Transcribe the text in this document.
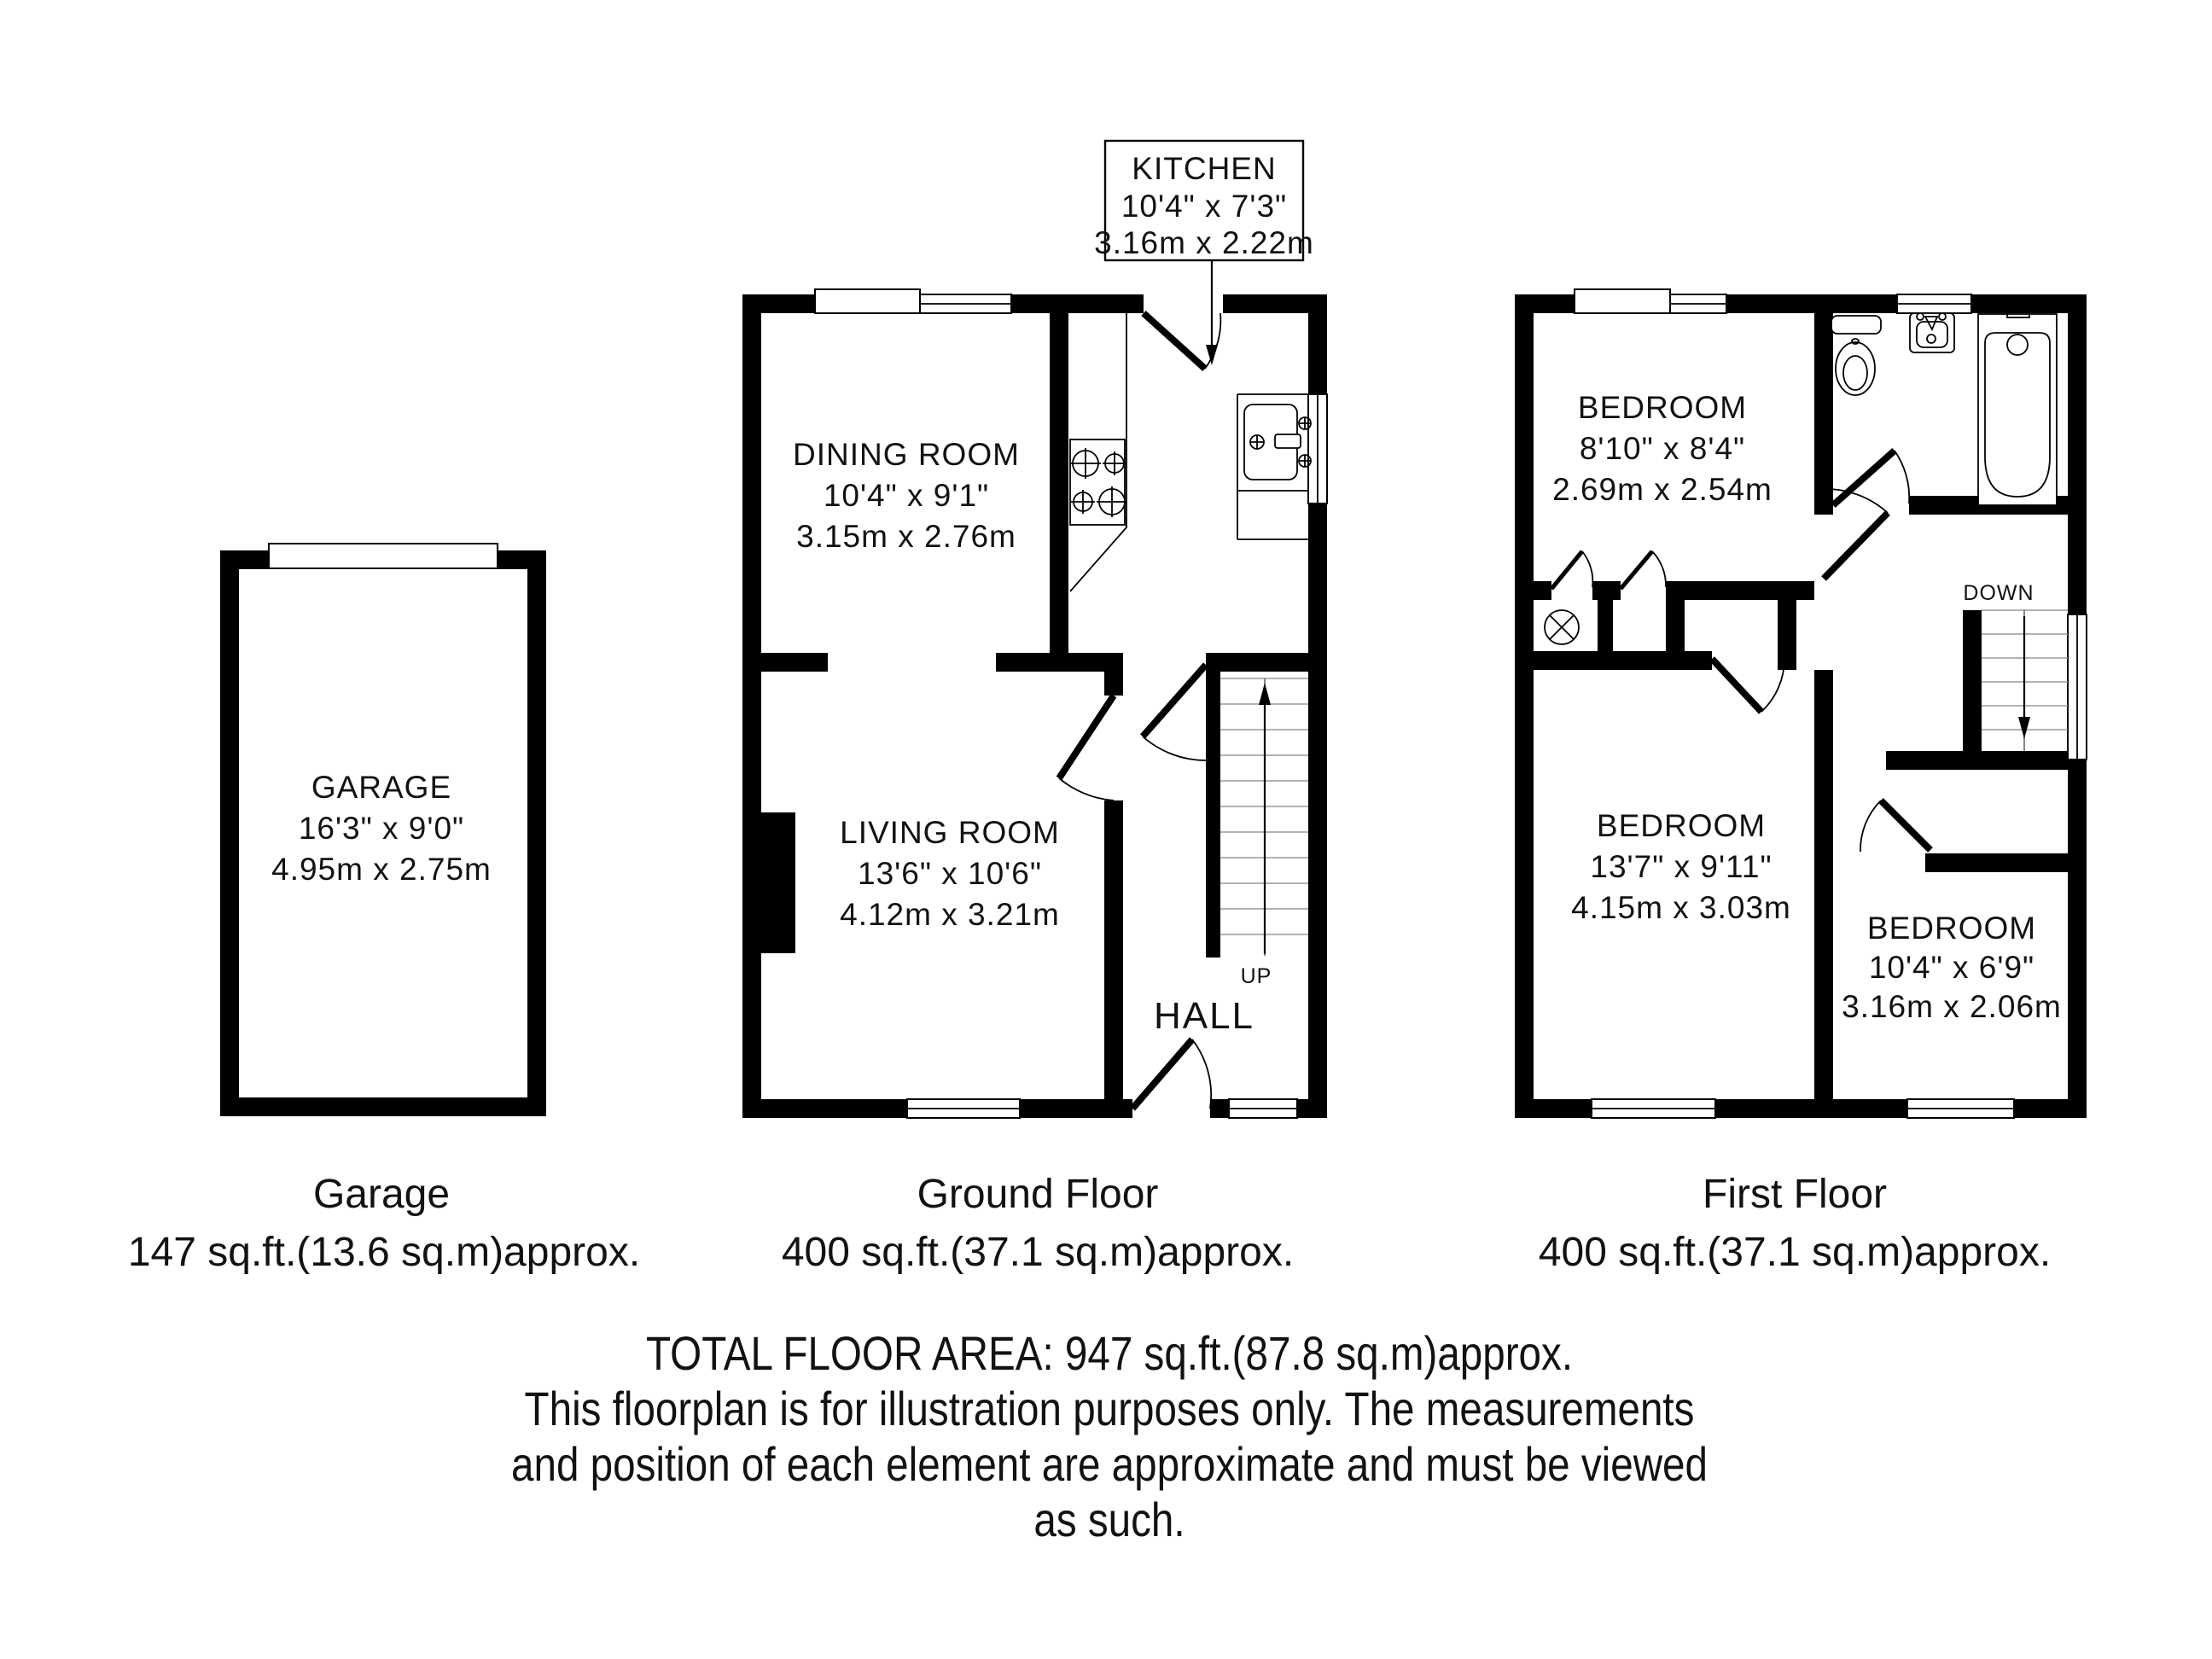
GARAGE
16'3" x 9'0"
4.95m x 2.75m
KITCHEN
10'4" x 7'3"
3.16m x 2.22m
DINING ROOM
10'4" x 9'1"
3.15m x 2.76m
LIVING ROOM
13'6" x 10'6"
4.12m x 3.21m
HALL
UP
BEDROOM
8'10" x 8'4"
2.69m x 2.54m
BEDROOM
13'7" x 9'11"
4.15m x 3.03m
BEDROOM
10'4" x 6'9"
3.16m x 2.06m
DOWN
Garage
147 sq.ft.(13.6 sq.m)approx.
Ground Floor
400 sq.ft.(37.1 sq.m)approx.
First Floor
400 sq.ft.(37.1 sq.m)approx.
TOTAL FLOOR AREA: 947 sq.ft.(87.8 sq.m)approx.
This floorplan is for illustration purposes only. The measurements
and position of each element are approximate and must be viewed
as such.
